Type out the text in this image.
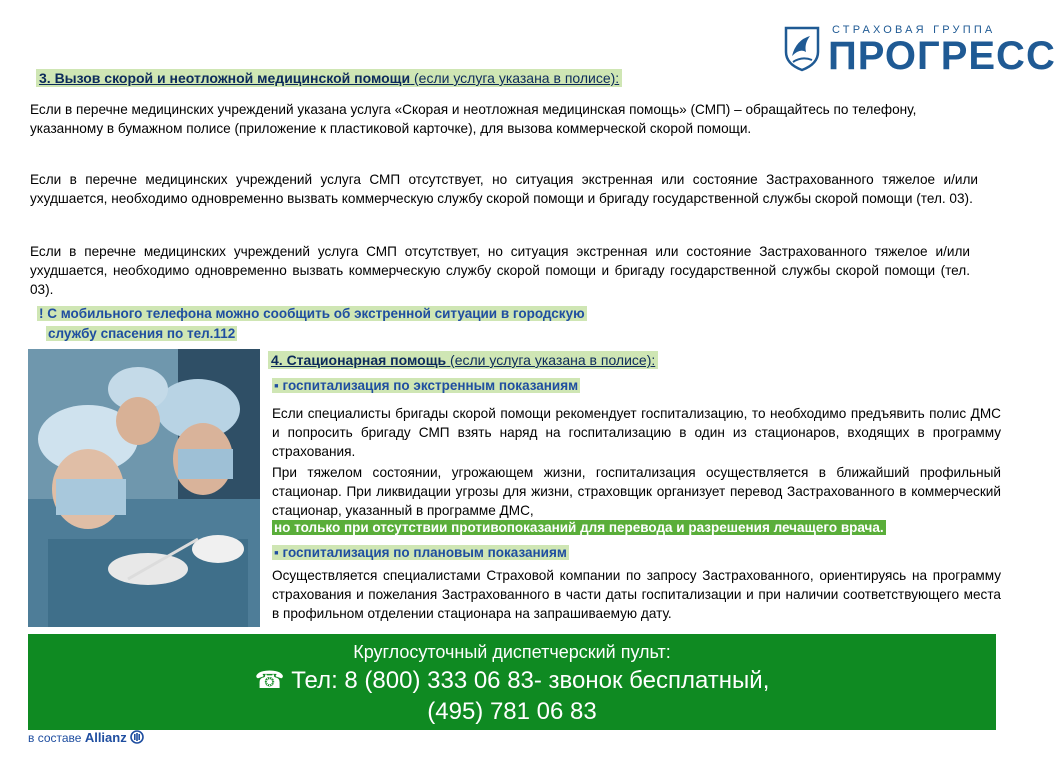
СТРАХОВАЯ ГРУППА
ПРОГРЕСС
3. Вызов скорой и неотложной медицинской помощи (если услуга указана в полисе):
Если в перечне медицинских учреждений указана услуга «Скорая и неотложная медицинская помощь» (СМП) – обращайтесь по телефону, указанному в бумажном полисе (приложение к пластиковой карточке), для вызова коммерческой скорой помощи.
Если в перечне медицинских учреждений услуга СМП отсутствует, но ситуация экстренная или состояние Застрахованного тяжелое и/или ухудшается, необходимо одновременно вызвать коммерческую службу скорой помощи и бригаду государственной службы скорой помощи (тел. 03).
Если в перечне медицинских учреждений услуга СМП отсутствует, но ситуация экстренная или состояние Застрахованного тяжелое и/или ухудшается, необходимо одновременно вызвать коммерческую службу скорой помощи и бригаду государственной службы скорой помощи (тел. 03).
! С мобильного телефона можно сообщить об экстренной ситуации в городскую
службу спасения по тел.112
4. Стационарная помощь (если услуга указана в полисе):
▪ госпитализация по экстренным показаниям
Если специалисты бригады скорой помощи рекомендует госпитализацию, то необходимо предъявить полис ДМС и попросить бригаду СМП взять наряд на госпитализацию в один из стационаров, входящих в программу страхования.
При тяжелом состоянии, угрожающем жизни, госпитализация осуществляется в ближайший профильный стационар. При ликвидации угрозы для жизни, страховщик организует перевод Застрахованного в коммерческий стационар, указанный в программе ДМС,
но только при отсутствии противопоказаний для перевода и разрешения лечащего врача.
▪ госпитализация по плановым показаниям
Осуществляется специалистами Страховой компании по запросу Застрахованного, ориентируясь на программу страхования и пожелания Застрахованного в части даты госпитализации и при наличии соответствующего места в профильном отделении стационара на запрашиваемую дату.
Круглосуточный диспетчерский пульт:
☎ Тел: 8 (800) 333 06 83- звонок бесплатный,
(495) 781 06 83
в составе Allianz
